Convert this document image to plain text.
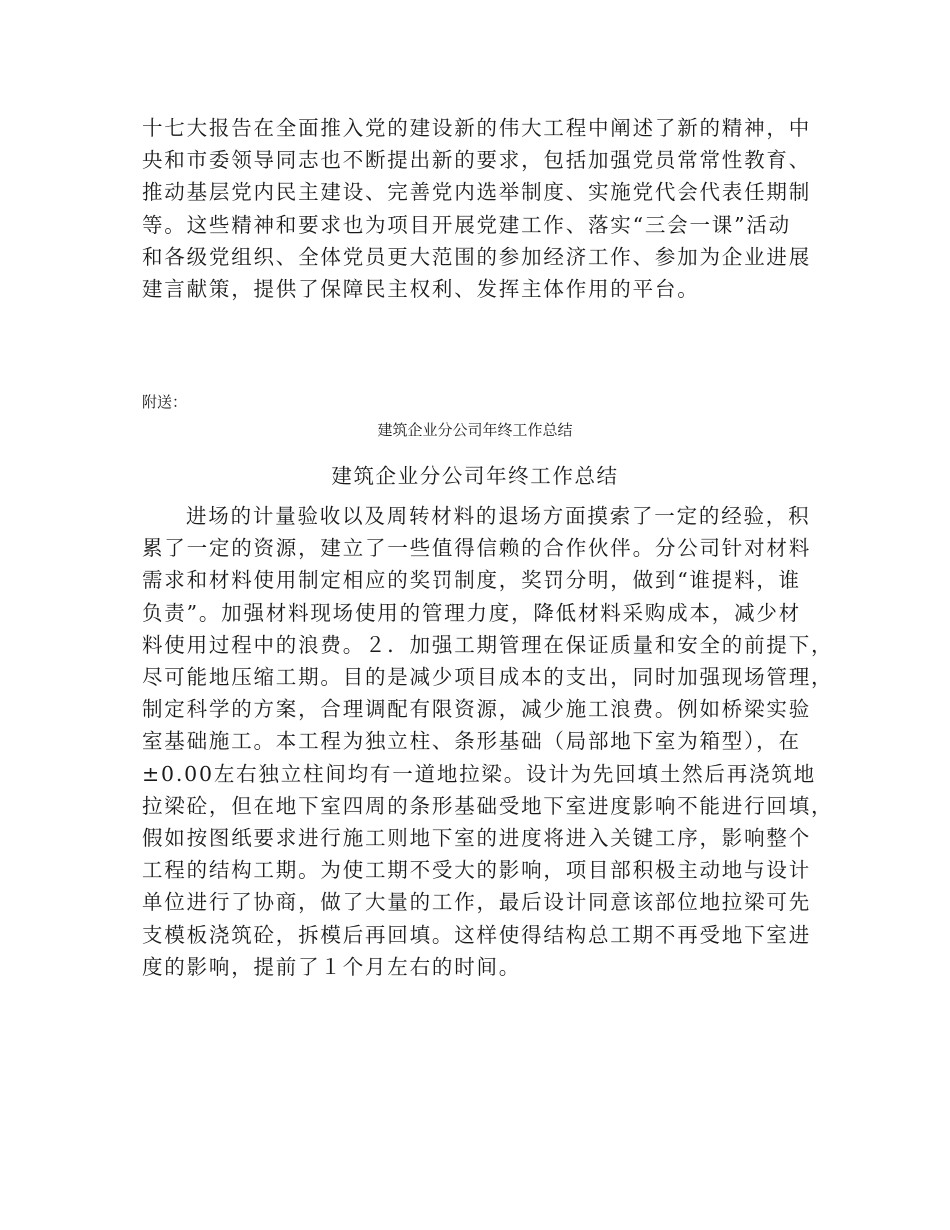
十七大报告在全面推入党的建设新的伟大工程中阐述了新的精神，中
央和市委领导同志也不断提出新的要求，包括加强党员常常性教育、
推动基层党内民主建设、完善党内选举制度、实施党代会代表任期制
等。这些精神和要求也为项目开展党建工作、落实“三会一课”活动
和各级党组织、全体党员更大范围的参加经济工作、参加为企业进展
建言献策，提供了保障民主权利、发挥主体作用的平台。

附送：

建筑企业分公司年终工作总结

建筑企业分公司年终工作总结
进场的计量验收以及周转材料的退场方面摸索了一定的经验，积
累了一定的资源，建立了一些值得信赖的合作伙伴。分公司针对材料
需求和材料使用制定相应的奖罚制度，奖罚分明，做到“谁提料，谁
负责”。加强材料现场使用的管理力度，降低材料采购成本，减少材
料使用过程中的浪费。２．加强工期管理在保证质量和安全的前提下，
尽可能地压缩工期。目的是减少项目成本的支出，同时加强现场管理，
制定科学的方案，合理调配有限资源，减少施工浪费。例如桥梁实验
室基础施工。本工程为独立柱、条形基础（局部地下室为箱型），在
±0.00左右独立柱间均有一道地拉梁。设计为先回填土然后再浇筑地
拉梁砼，但在地下室四周的条形基础受地下室进度影响不能进行回填，
假如按图纸要求进行施工则地下室的进度将进入关键工序，影响整个
工程的结构工期。为使工期不受大的影响，项目部积极主动地与设计
单位进行了协商，做了大量的工作，最后设计同意该部位地拉梁可先
支模板浇筑砼，拆模后再回填。这样使得结构总工期不再受地下室进
度的影响，提前了１个月左右的时间。
